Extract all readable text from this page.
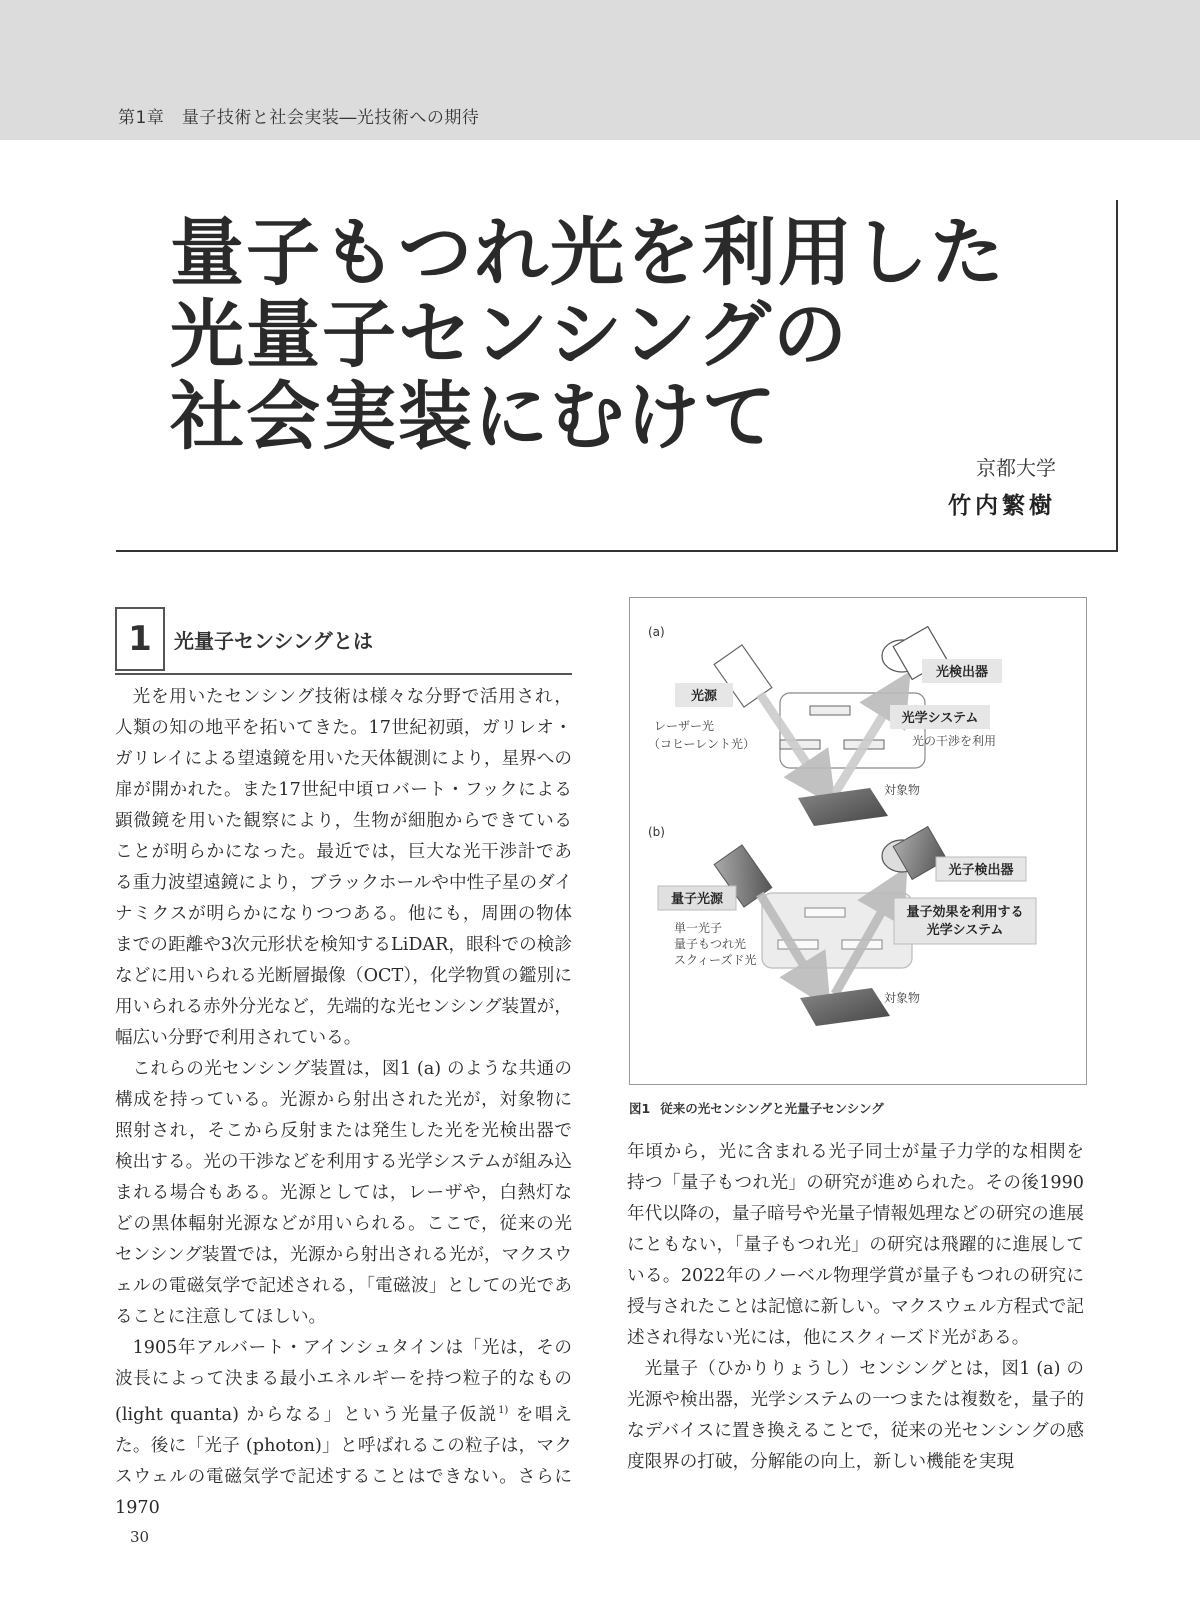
第1章　量子技術と社会実装―光技術への期待
量子もつれ光を利用した
光量子センシングの
社会実装にむけて
京都大学
竹内繁樹
1	光量子センシングとは

光を用いたセンシング技術は様々な分野で活用され，人類の知の地平を拓いてきた。17世紀初頭，ガリレオ・ガリレイによる望遠鏡を用いた天体観測により，星界への扉が開かれた。また17世紀中頃ロバート・フックによる顕微鏡を用いた観察により，生物が細胞からできていることが明らかになった。最近では，巨大な光干渉計である重力波望遠鏡により，ブラックホールや中性子星のダイナミクスが明らかになりつつある。他にも，周囲の物体までの距離や3次元形状を検知するLiDAR，眼科での検診などに用いられる光断層撮像（OCT），化学物質の鑑別に用いられる赤外分光など，先端的な光センシング装置が，幅広い分野で利用されている。

これらの光センシング装置は，図1 (a) のような共通の構成を持っている。光源から射出された光が，対象物に照射され，そこから反射または発生した光を光検出器で検出する。光の干渉などを利用する光学システムが組み込まれる場合もある。光源としては，レーザや，白熱灯などの黒体輻射光源などが用いられる。ここで，従来の光センシング装置では，光源から射出される光が，マクスウェルの電磁気学で記述される，「電磁波」としての光であることに注意してほしい。

1905年アルバート・アインシュタインは「光は，その波長によって決まる最小エネルギーを持つ粒子的なもの (light quanta) からなる」という光量子仮説$^{1)}$ を唱えた。後に「光子 (photon)」と呼ばれるこの粒子は，マクスウェルの電磁気学で記述することはできない。さらに1970

(a)
光源
レーザー光
（コヒーレント光）
光検出器
光学システム
光の干渉を利用
対象物
(b)
量子光源
単一光子
量子もつれ光
スクィーズド光
光子検出器
量子効果を利用する
光学システム
対象物
図1 従来の光センシングと光量子センシング

年頃から，光に含まれる光子同士が量子力学的な相関を持つ「量子もつれ光」の研究が進められた。その後1990年代以降の，量子暗号や光量子情報処理などの研究の進展にともない，「量子もつれ光」の研究は飛躍的に進展している。2022年のノーベル物理学賞が量子もつれの研究に授与されたことは記憶に新しい。マクスウェル方程式で記述され得ない光には，他にスクィーズド光がある。

光量子（ひかりりょうし）センシングとは，図1 (a) の光源や検出器，光学システムの一つまたは複数を，量子的なデバイスに置き換えることで，従来の光センシングの感度限界の打破，分解能の向上，新しい機能を実現

30
